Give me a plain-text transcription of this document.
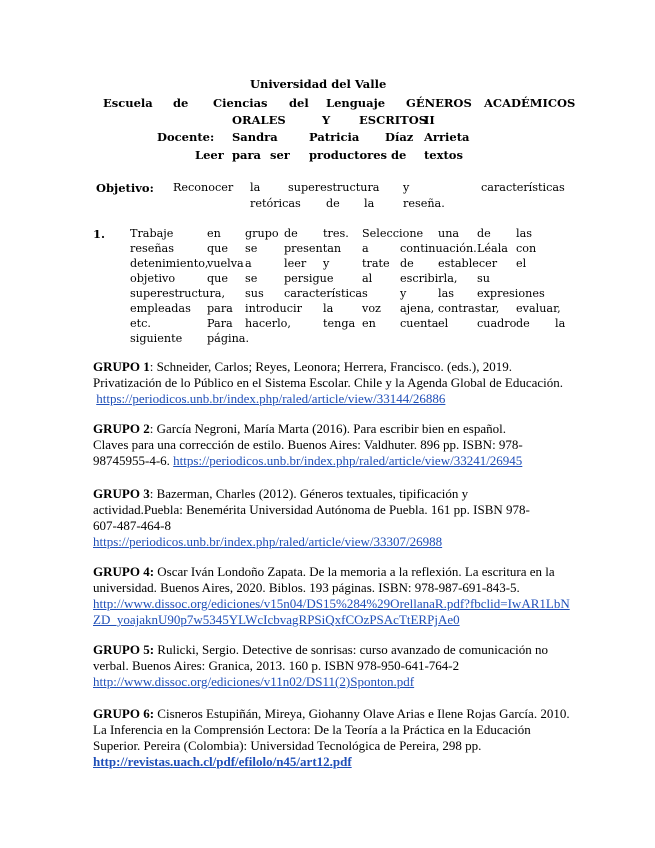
Universidad del Valle
Escuela de Ciencias del Lenguaje GÉNEROS ACADÉMICOS
ORALES	Y	ESCRITOS
II
Docente: Sandra	Patricia Díaz Arrieta
Leer para ser productores de textos
Objetivo: Reconocer la superestructura y	características
retóricas de la	reseña.
1. Trabaje	en grupo de tres. Seleccione una de las
reseñas	que se presentan a	continuación. Léala con
detenimiento,
vuelva a	leer y	trate de establecer el
objetivo	que se persigue	al escribirla, su
superestructura, sus características	y	las expresiones
empleadas para introducir la	voz ajena, contrastar, evaluar,
etc.	Para hacerlo,	tenga en cuenta el	cuadro de la
siguiente página.
GRUPO 1: Schneider, Carlos; Reyes, Leonora; Herrera, Francisco. (eds.), 2019.
Privatización de lo Público en el Sistema Escolar. Chile y la Agenda Global de Educación.
https://periodicos.unb.br/index.php/raled/article/view/33144/26886
GRUPO 2: García Negroni, María Marta (2016). Para escribir bien en español.
Claves para una corrección de estilo. Buenos Aires: Valdhuter. 896 pp. ISBN: 978-
98745955-4-6. https://periodicos.unb.br/index.php/raled/article/view/33241/26945
GRUPO 3: Bazerman, Charles (2012). Géneros textuales, tipificación y
actividad.Puebla: Benemérita Universidad Autónoma de Puebla. 161 pp. ISBN 978-
607-487-464-8
https://periodicos.unb.br/index.php/raled/article/view/33307/26988
GRUPO 4: Oscar Iván Londoño Zapata. De la memoria a la reflexión. La escritura en la
universidad. Buenos Aires, 2020. Biblos. 193 páginas. ISBN: 978-987-691-843-5.
http://www.dissoc.org/ediciones/v15n04/DS15%284%29OrellanaR.pdf?fbclid=IwAR1LbN
ZD_yoajaknU90p7w5345YLWcIcbvagRPSiQxfCOzPSAcTtERPjAe0
GRUPO 5: Rulicki, Sergio. Detective de sonrisas: curso avanzado de comunicación no
verbal. Buenos Aires: Granica, 2013. 160 p. ISBN 978-950-641-764-2
http://www.dissoc.org/ediciones/v11n02/DS11(2)Sponton.pdf
GRUPO 6: Cisneros Estupiñán, Mireya, Giohanny Olave Arias e Ilene Rojas García. 2010.
La Inferencia en la Comprensión Lectora: De la Teoría a la Práctica en la Educación
Superior. Pereira (Colombia): Universidad Tecnológica de Pereira, 298 pp.
http://revistas.uach.cl/pdf/efilolo/n45/art12.pdf
